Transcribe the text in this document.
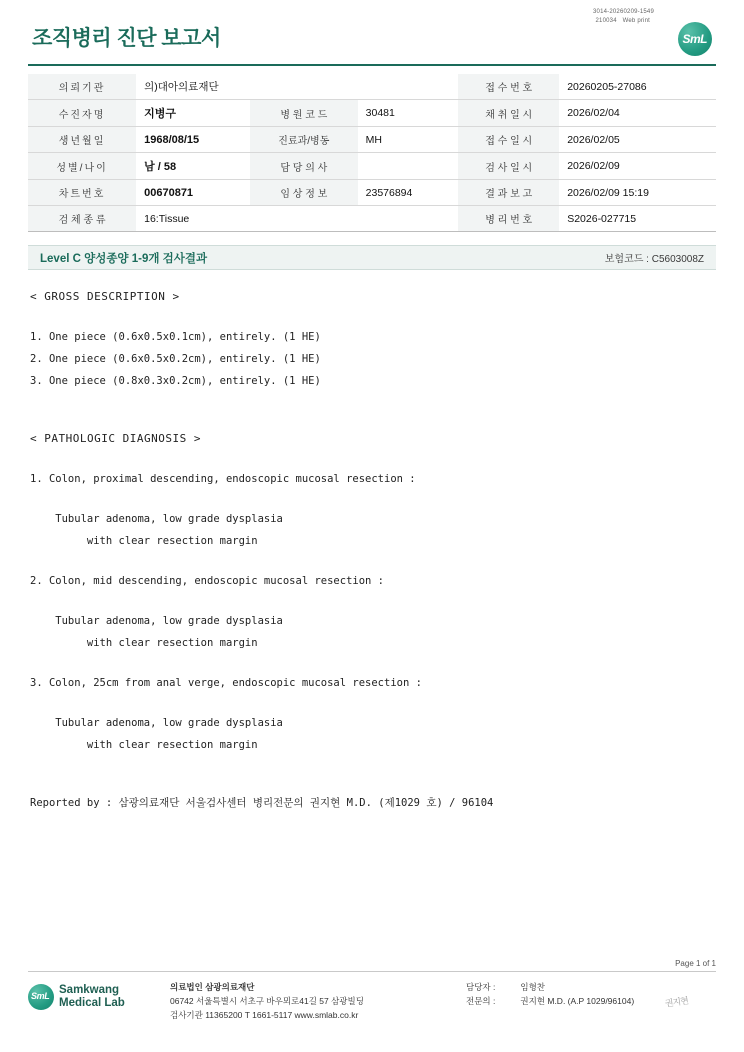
조직병리 진단 보고서
3014-20260209-1549
210034 Web print
SmL
의뢰기관	의)대아의료재단			접 수 번 호	20260205-27086
수진자명	지병구	병 원 코 드	30481	채 취 일 시	2026/02/04
생년월일	1968/08/15	진료과/병동	MH	접 수 일 시	2026/02/05
성별/나이	남 / 58	담 당 의 사		검 사 일 시	2026/02/09
차트번호	00670871	임 상 정 보	23576894	결 과 보 고	2026/02/09 15:19
검 체 종 류	16:Tissue			병 리 번 호	S2026-027715
Level C 양성종양 1-9개 검사결과	보험코드 : C5603008Z
< GROSS DESCRIPTION >
1. One piece (0.6x0.5x0.1cm), entirely. (1 HE)
2. One piece (0.6x0.5x0.2cm), entirely. (1 HE)
3. One piece (0.8x0.3x0.2cm), entirely. (1 HE)
< PATHOLOGIC DIAGNOSIS >
1. Colon, proximal descending, endoscopic mucosal resection :
Tubular adenoma, low grade dysplasia
with clear resection margin
2. Colon, mid descending, endoscopic mucosal resection :
Tubular adenoma, low grade dysplasia
with clear resection margin
3. Colon, 25cm from anal verge, endoscopic mucosal resection :
Tubular adenoma, low grade dysplasia
with clear resection margin
Reported by : 삼광의료재단 서울검사센터 병리전문의 권지현 M.D. (제1029 호) / 96104
Page 1 of 1
SmL
Samkwang
Medical Lab
의료법인 삼광의료재단
06742 서울특별시 서초구 바우뫼로41길 57 삼광빌딩
검사기관 11365200 T 1661-5117 www.smlab.co.kr
담당자 :	임형찬
전문의 :	권지현 M.D. (A.P 1029/96104)	권지현
